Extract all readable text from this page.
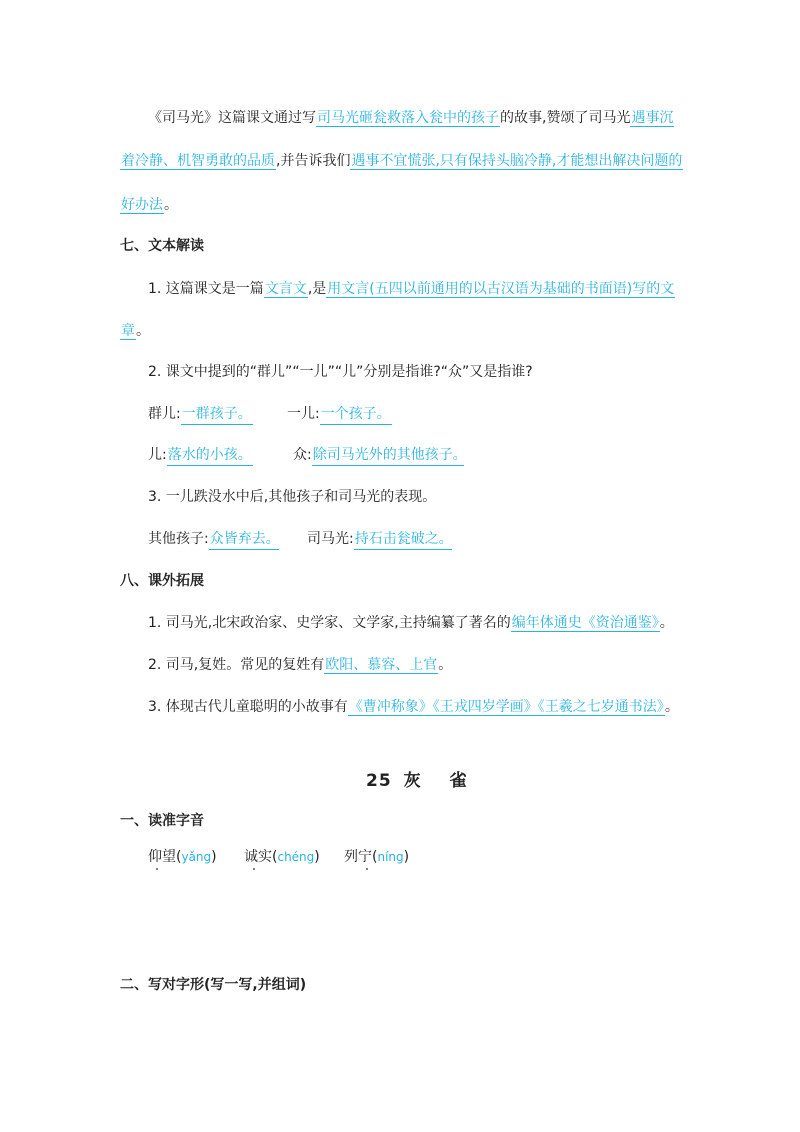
《司马光》这篇课文通过写司马光砸瓮救落入瓮中的孩子的故事,赞颂了司马光遇事沉
着冷静、机智勇敢的品质,并告诉我们遇事不宜慌张,只有保持头脑冷静,才能想出解决问题的
好办法。
七、文本解读
1. 这篇课文是一篇文言文,是用文言(五四以前通用的以古汉语为基础的书面语)写的文
章。
2. 课文中提到的“群儿”“一儿”“儿”分别是指谁?“众”又是指谁?
群儿:一群孩子。	一儿:一个孩子。
儿:落水的小孩。	众:除司马光外的其他孩子。
3. 一儿跌没水中后,其他孩子和司马光的表现。
其他孩子:众皆弃去。 司马光:持石击瓮破之。
八、课外拓展
1. 司马光,北宋政治家、史学家、文学家,主持编纂了著名的编年体通史《资治通鉴》。
2. 司马,复姓。常见的复姓有欧阳、慕容、上官。
3. 体现古代儿童聪明的小故事有《曹冲称象》《王戎四岁学画》《王羲之七岁通书法》。
25 灰 雀
一、读准字音
仰望(yǎng) 诚实(chéng) 列宁(níng)
二、写对字形(写一写,并组词)
